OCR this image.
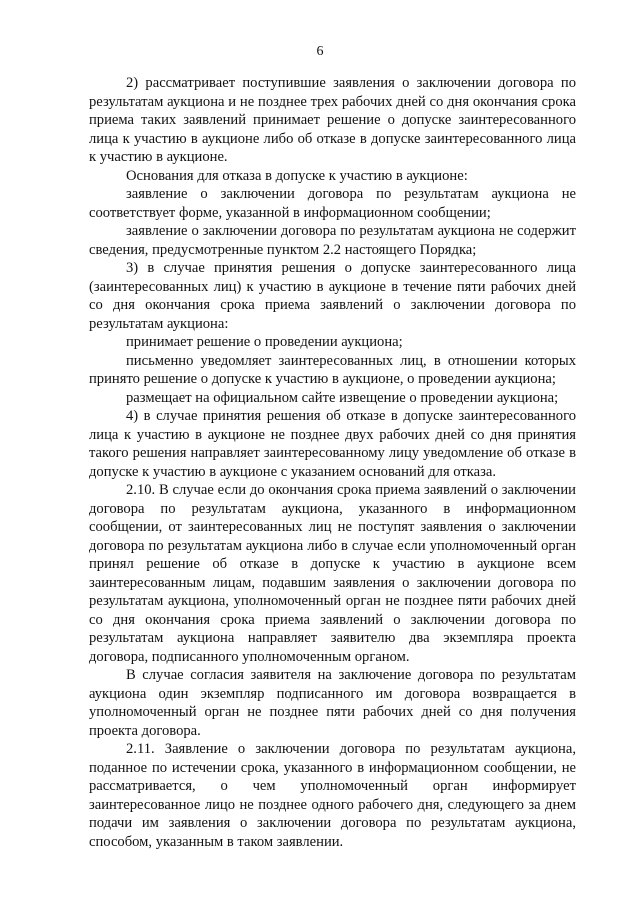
6

2) рассматривает поступившие заявления о заключении договора по результатам аукциона и не позднее трех рабочих дней со дня окончания срока приема таких заявлений принимает решение о допуске заинтересованного лица к участию в аукционе либо об отказе в допуске заинтересованного лица к участию в аукционе.

Основания для отказа в допуске к участию в аукционе:

заявление о заключении договора по результатам аукциона не соответствует форме, указанной в информационном сообщении;

заявление о заключении договора по результатам аукциона не содержит сведения, предусмотренные пунктом 2.2 настоящего Порядка;

3) в случае принятия решения о допуске заинтересованного лица (заинтересованных лиц) к участию в аукционе в течение пяти рабочих дней со дня окончания срока приема заявлений о заключении договора по результатам аукциона:

принимает решение о проведении аукциона;

письменно уведомляет заинтересованных лиц, в отношении которых принято решение о допуске к участию в аукционе, о проведении аукциона;

размещает на официальном сайте извещение о проведении аукциона;

4) в случае принятия решения об отказе в допуске заинтересованного лица к участию в аукционе не позднее двух рабочих дней со дня принятия такого решения направляет заинтересованному лицу уведомление об отказе в допуске к участию в аукционе с указанием оснований для отказа.

2.10. В случае если до окончания срока приема заявлений о заключении договора по результатам аукциона, указанного в информационном сообщении, от заинтересованных лиц не поступят заявления о заключении договора по результатам аукциона либо в случае если уполномоченный орган принял решение об отказе в допуске к участию в аукционе всем заинтересованным лицам, подавшим заявления о заключении договора по результатам аукциона, уполномоченный орган не позднее пяти рабочих дней со дня окончания срока приема заявлений о заключении договора по результатам аукциона направляет заявителю два экземпляра проекта договора, подписанного уполномоченным органом.

В случае согласия заявителя на заключение договора по результатам аукциона один экземпляр подписанного им договора возвращается в уполномоченный орган не позднее пяти рабочих дней со дня получения проекта договора.

2.11. Заявление о заключении договора по результатам аукциона, поданное по истечении срока, указанного в информационном сообщении, не рассматривается, о чем уполномоченный орган информирует заинтересованное лицо не позднее одного рабочего дня, следующего за днем подачи им заявления о заключении договора по результатам аукциона, способом, указанным в таком заявлении.
